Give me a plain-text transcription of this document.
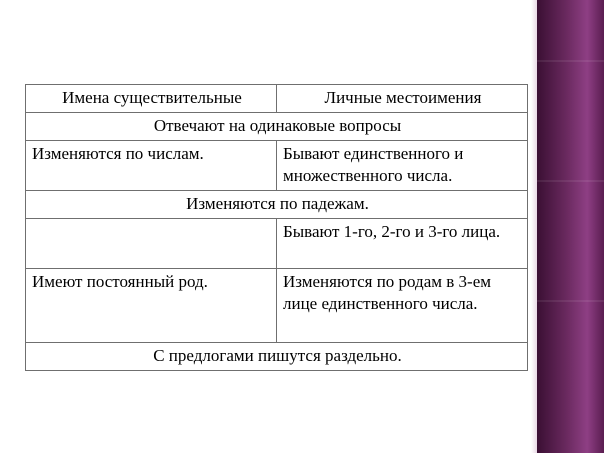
Имена существительные	Личные местоимения
Отвечают на одинаковые вопросы	
Изменяются по числам.	Бывают единственного и множественного числа.
Изменяются по падежам.	
	Бывают 1-го, 2-го и 3-го лица.
Имеют постоянный род.	Изменяются по родам в 3-ем лице единственного числа.
С предлогами пишутся раздельно.	
